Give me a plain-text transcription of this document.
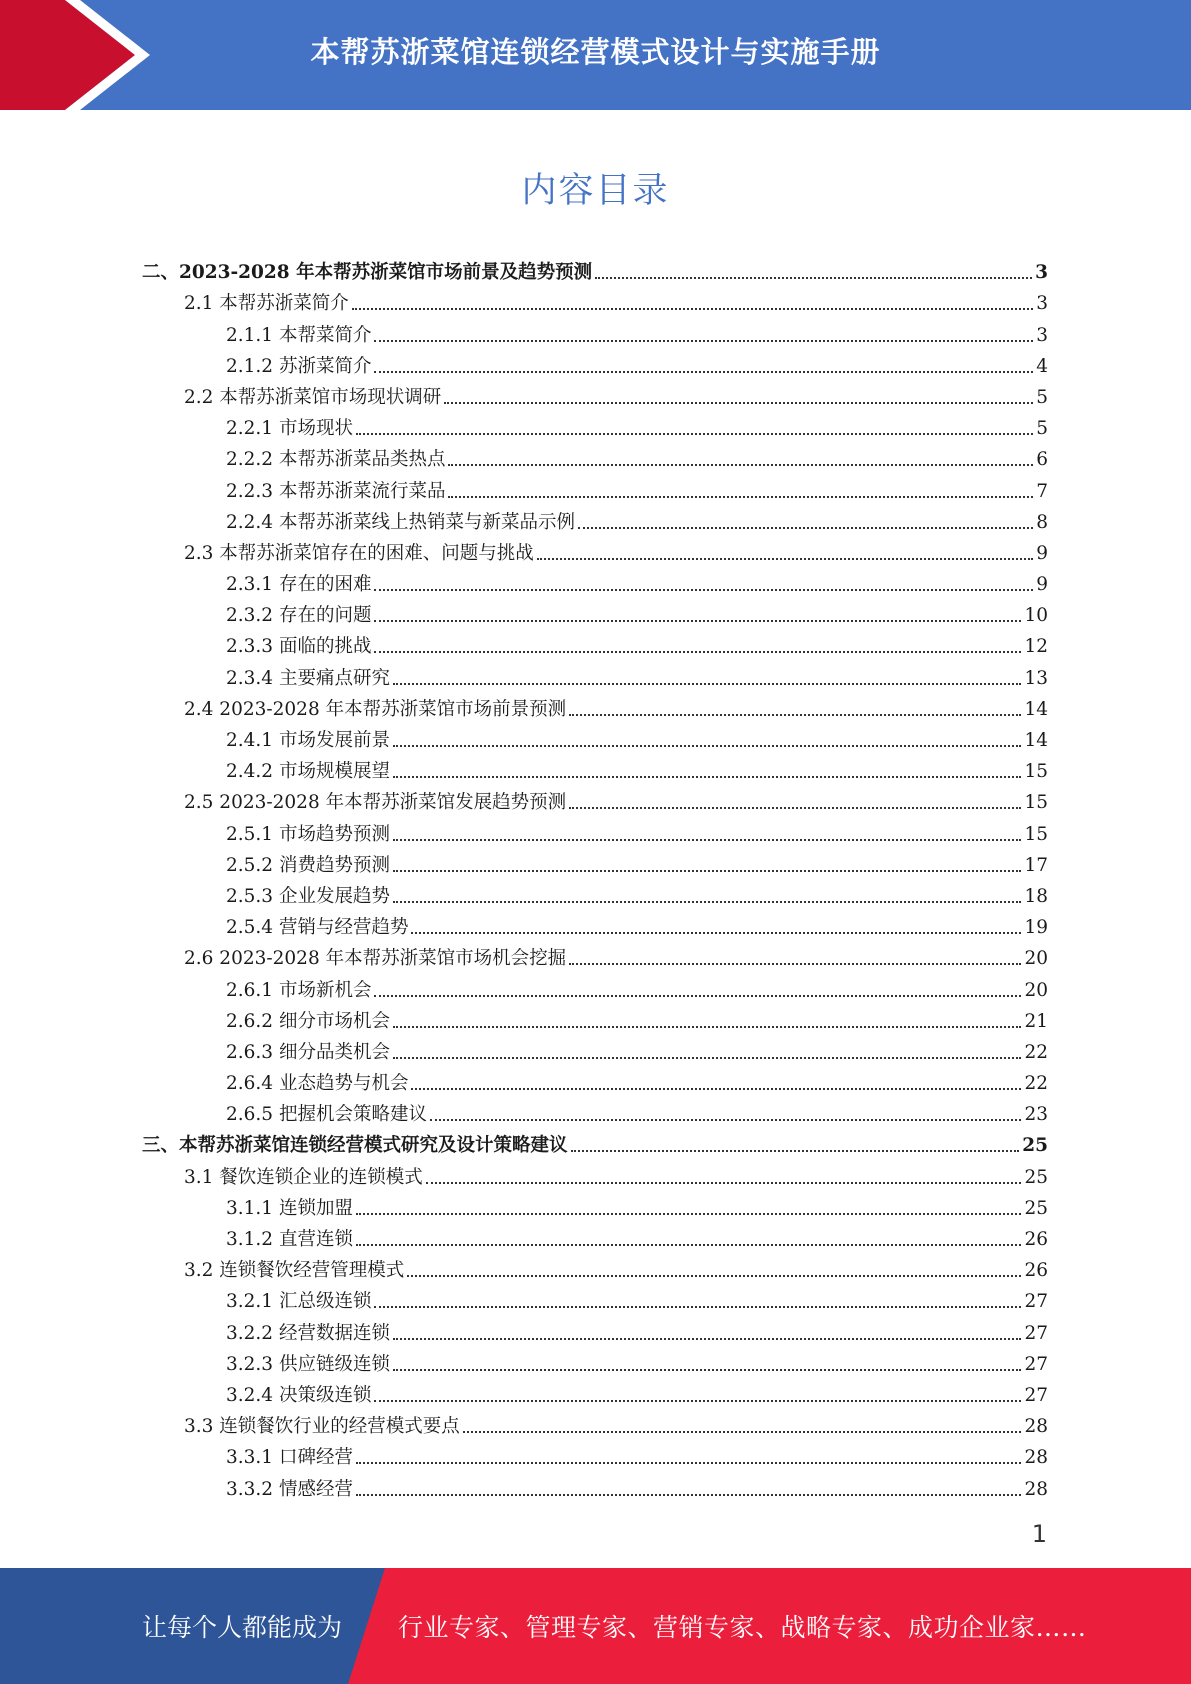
本帮苏浙菜馆连锁经营模式设计与实施手册
内容目录
二、2023-2028 年本帮苏浙菜馆市场前景及趋势预测	3
2.1 本帮苏浙菜简介	3
2.1.1 本帮菜简介	3
2.1.2 苏浙菜简介	4
2.2 本帮苏浙菜馆市场现状调研	5
2.2.1 市场现状	5
2.2.2 本帮苏浙菜品类热点	6
2.2.3 本帮苏浙菜流行菜品	7
2.2.4 本帮苏浙菜线上热销菜与新菜品示例	8
2.3 本帮苏浙菜馆存在的困难、问题与挑战	9
2.3.1 存在的困难	9
2.3.2 存在的问题	10
2.3.3 面临的挑战	12
2.3.4 主要痛点研究	13
2.4 2023-2028 年本帮苏浙菜馆市场前景预测	14
2.4.1 市场发展前景	14
2.4.2 市场规模展望	15
2.5 2023-2028 年本帮苏浙菜馆发展趋势预测	15
2.5.1 市场趋势预测	15
2.5.2 消费趋势预测	17
2.5.3 企业发展趋势	18
2.5.4 营销与经营趋势	19
2.6 2023-2028 年本帮苏浙菜馆市场机会挖掘	20
2.6.1 市场新机会	20
2.6.2 细分市场机会	21
2.6.3 细分品类机会	22
2.6.4 业态趋势与机会	22
2.6.5 把握机会策略建议	23
三、本帮苏浙菜馆连锁经营模式研究及设计策略建议	25
3.1 餐饮连锁企业的连锁模式	25
3.1.1 连锁加盟	25
3.1.2 直营连锁	26
3.2 连锁餐饮经营管理模式	26
3.2.1 汇总级连锁	27
3.2.2 经营数据连锁	27
3.2.3 供应链级连锁	27
3.2.4 决策级连锁	27
3.3 连锁餐饮行业的经营模式要点	28
3.3.1 口碑经营	28
3.3.2 情感经营	28
1
让每个人都能成为 行业专家、管理专家、营销专家、战略专家、成功企业家……
